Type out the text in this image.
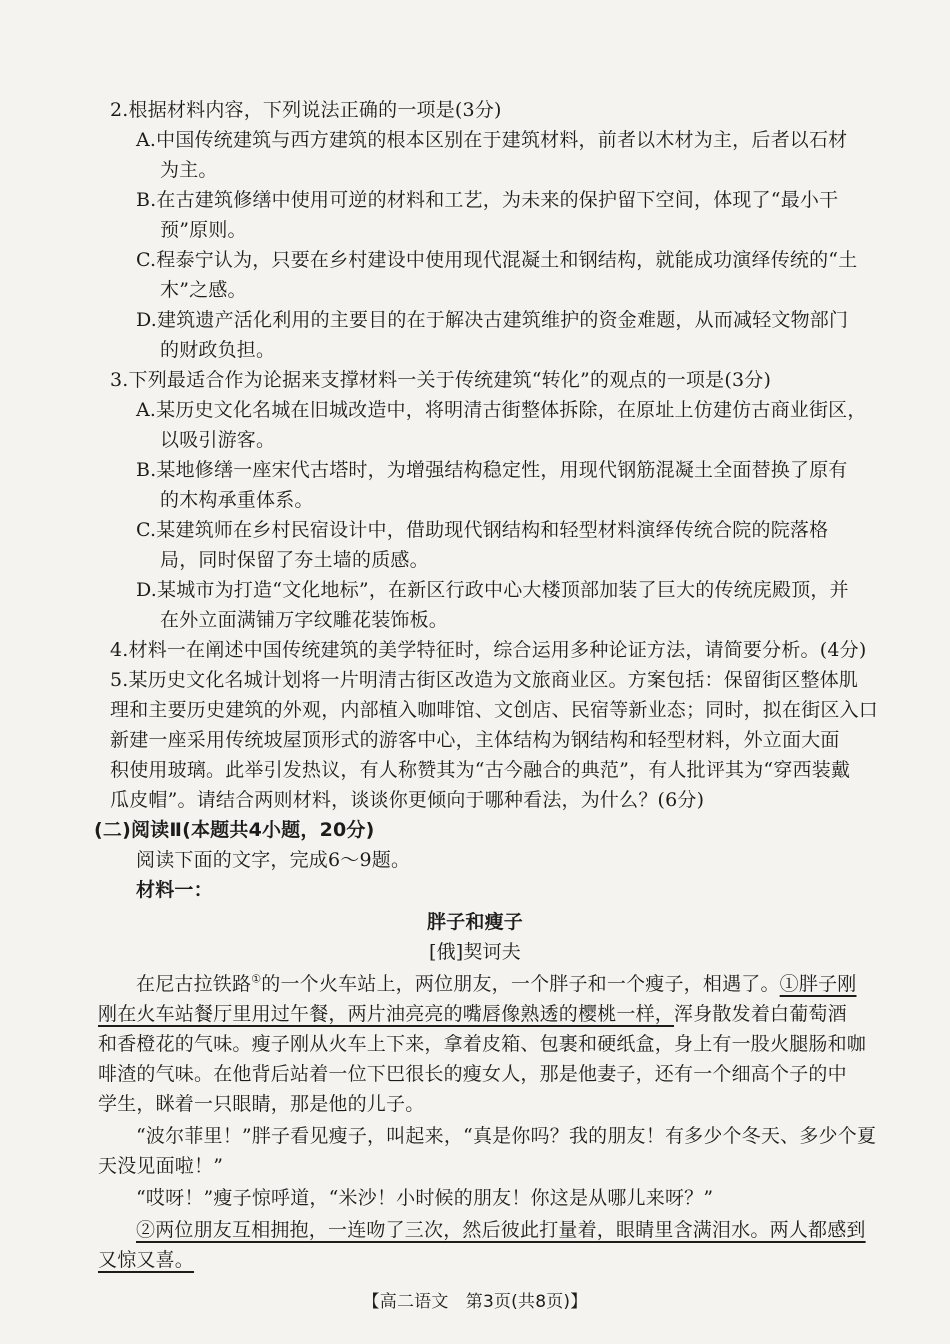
2.根据材料内容，下列说法正确的一项是(3分)
A.中国传统建筑与西方建筑的根本区别在于建筑材料，前者以木材为主，后者以石材
为主。
B.在古建筑修缮中使用可逆的材料和工艺，为未来的保护留下空间，体现了“最小干
预”原则。
C.程泰宁认为，只要在乡村建设中使用现代混凝土和钢结构，就能成功演绎传统的“土
木”之感。
D.建筑遗产活化利用的主要目的在于解决古建筑维护的资金难题，从而减轻文物部门
的财政负担。
3.下列最适合作为论据来支撑材料一关于传统建筑“转化”的观点的一项是(3分)
A.某历史文化名城在旧城改造中，将明清古街整体拆除，在原址上仿建仿古商业街区，
以吸引游客。
B.某地修缮一座宋代古塔时，为增强结构稳定性，用现代钢筋混凝土全面替换了原有
的木构承重体系。
C.某建筑师在乡村民宿设计中，借助现代钢结构和轻型材料演绎传统合院的院落格
局，同时保留了夯土墙的质感。
D.某城市为打造“文化地标”，在新区行政中心大楼顶部加装了巨大的传统庑殿顶，并
在外立面满铺万字纹雕花装饰板。
4.材料一在阐述中国传统建筑的美学特征时，综合运用多种论证方法，请简要分析。(4分)
5.某历史文化名城计划将一片明清古街区改造为文旅商业区。方案包括：保留街区整体肌
理和主要历史建筑的外观，内部植入咖啡馆、文创店、民宿等新业态；同时，拟在街区入口
新建一座采用传统坡屋顶形式的游客中心，主体结构为钢结构和轻型材料，外立面大面
积使用玻璃。此举引发热议，有人称赞其为“古今融合的典范”，有人批评其为“穿西装戴
瓜皮帽”。请结合两则材料，谈谈你更倾向于哪种看法，为什么？(6分)
(二)阅读Ⅱ(本题共4小题，20分)
阅读下面的文字，完成6～9题。
材料一：
胖子和瘦子
[俄]契诃夫
在尼古拉铁路①的一个火车站上，两位朋友，一个胖子和一个瘦子，相遇了。①胖子刚
刚在火车站餐厅里用过午餐，两片油亮亮的嘴唇像熟透的樱桃一样，浑身散发着白葡萄酒
和香橙花的气味。瘦子刚从火车上下来，拿着皮箱、包裹和硬纸盒，身上有一股火腿肠和咖
啡渣的气味。在他背后站着一位下巴很长的瘦女人，那是他妻子，还有一个细高个子的中
学生，眯着一只眼睛，那是他的儿子。
“波尔菲里！”胖子看见瘦子，叫起来，“真是你吗？我的朋友！有多少个冬天、多少个夏
天没见面啦！”
“哎呀！”瘦子惊呼道，“米沙！小时候的朋友！你这是从哪儿来呀？”
②两位朋友互相拥抱，一连吻了三次，然后彼此打量着，眼睛里含满泪水。两人都感到
又惊又喜。
【高二语文　第3页(共8页)】
